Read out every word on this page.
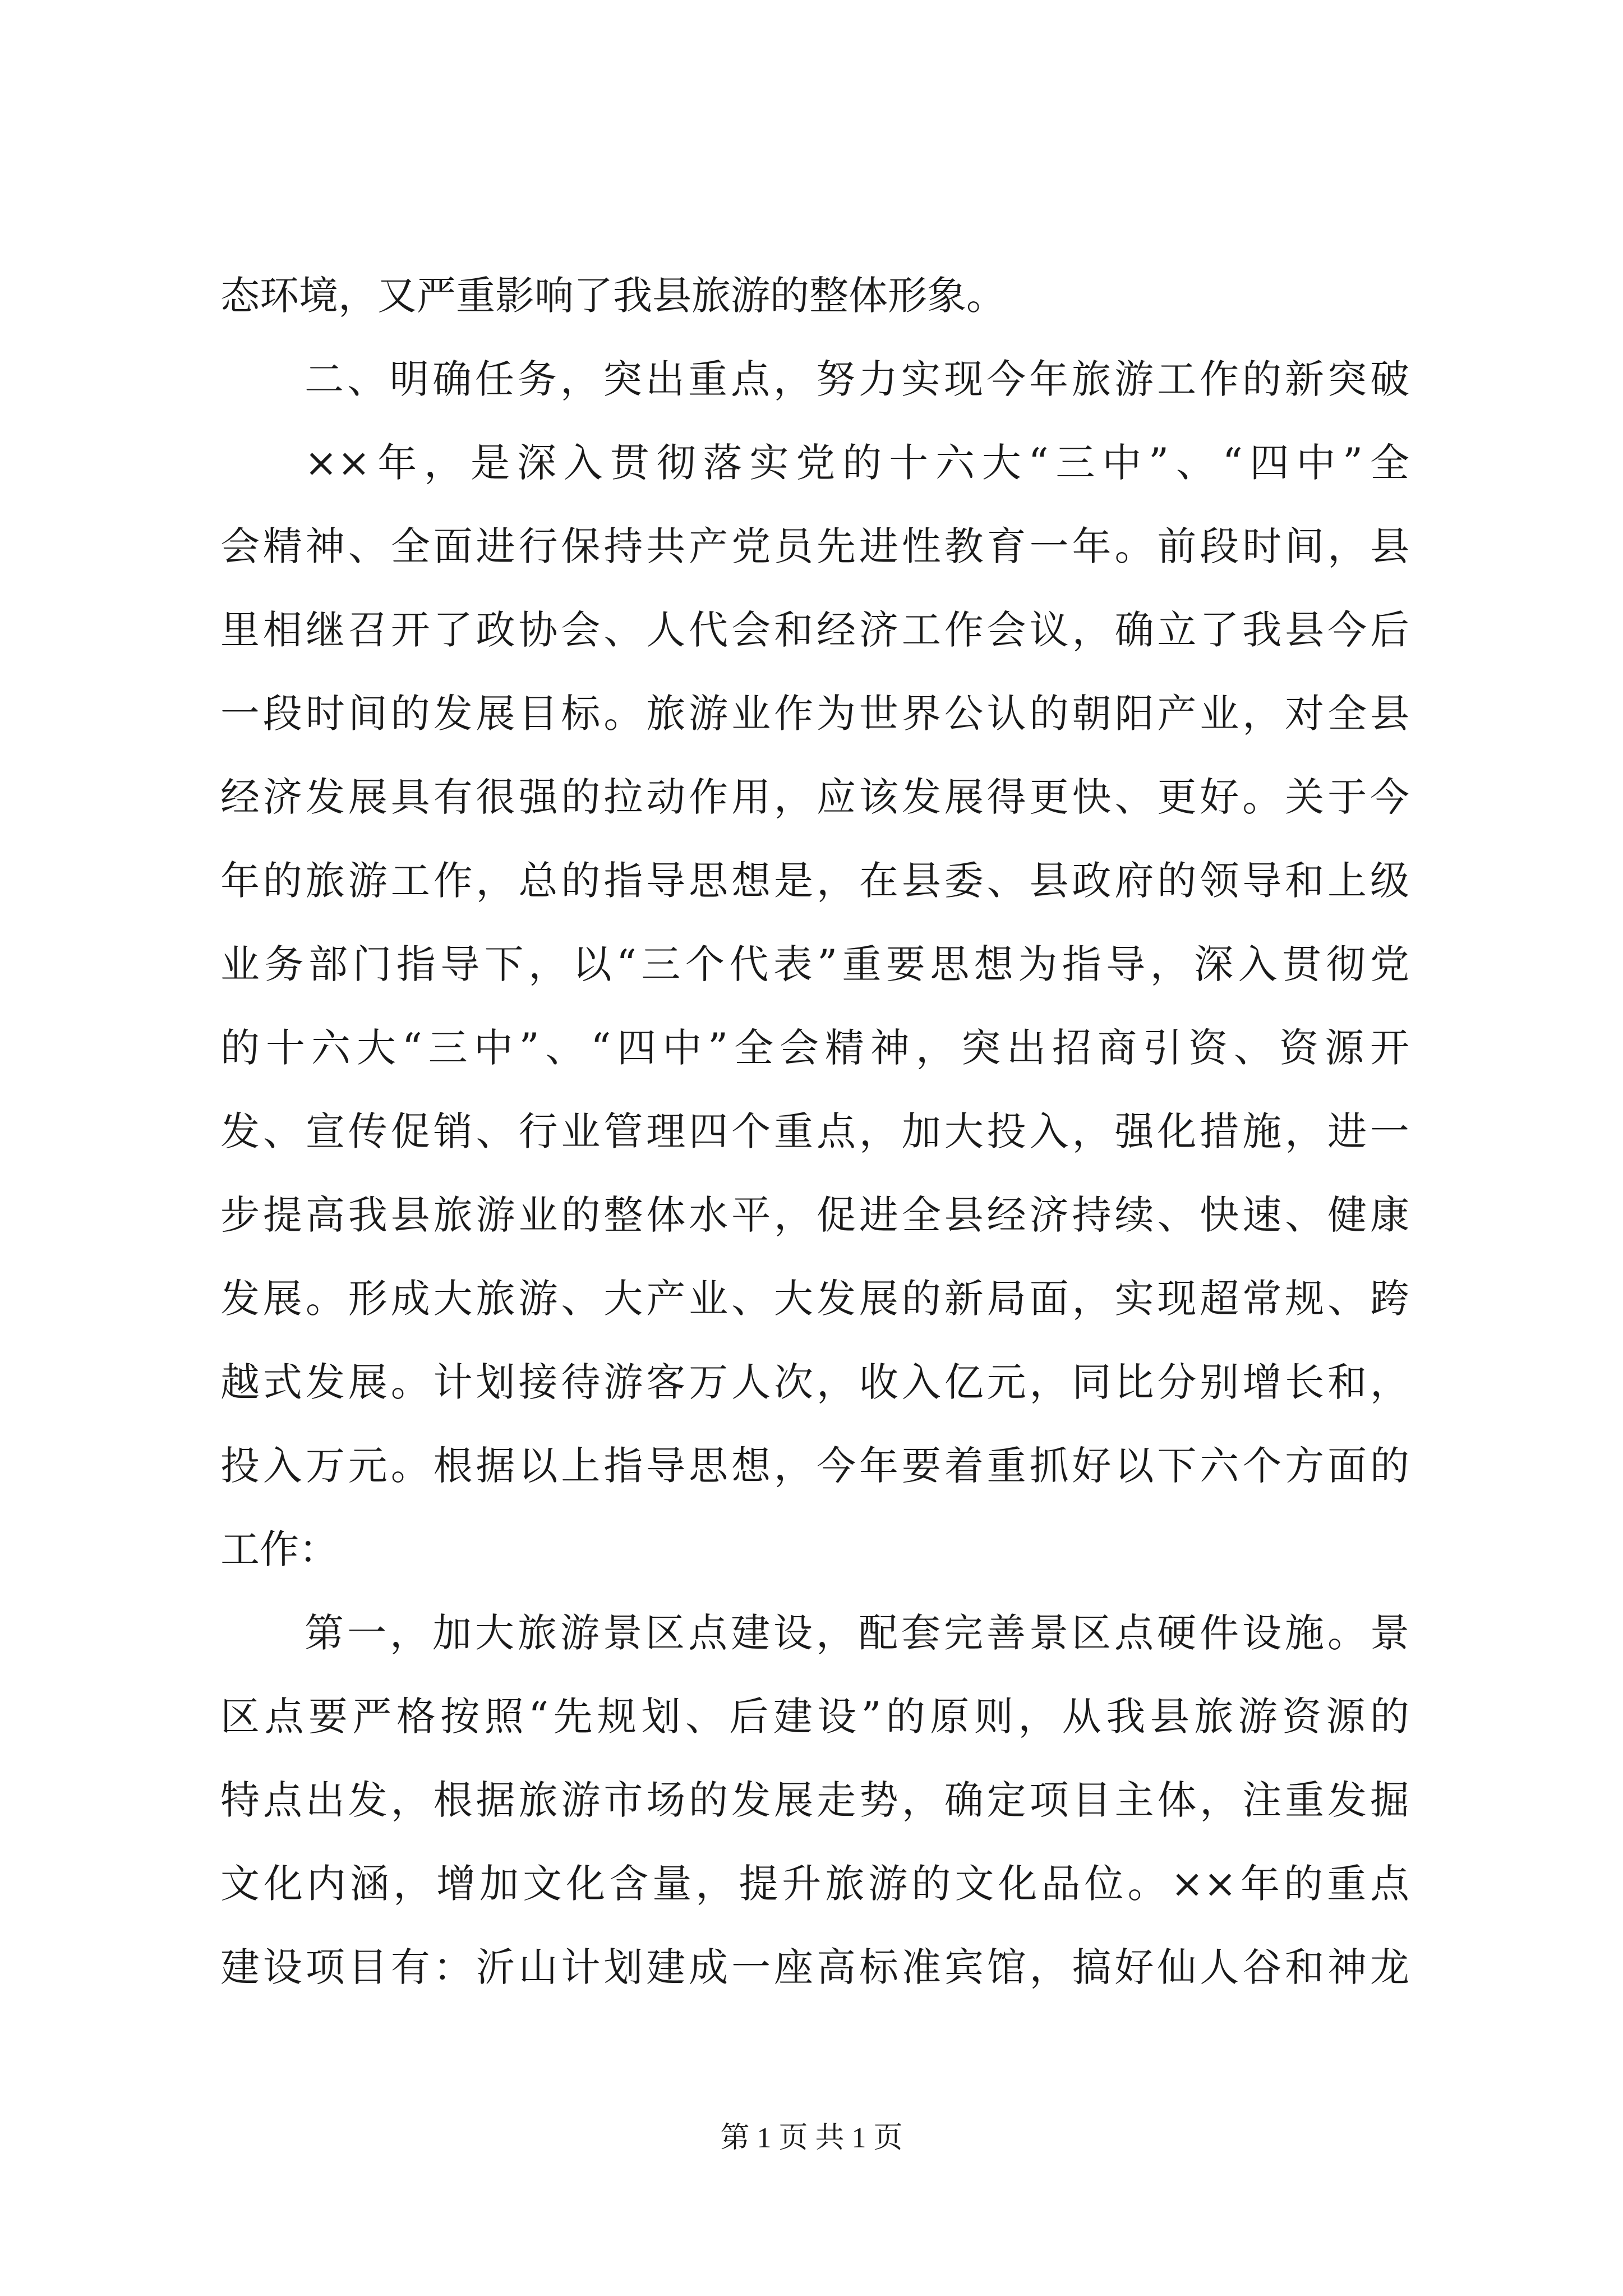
态环境，又严重影响了我县旅游的整体形象。
二、明确任务，突出重点，努力实现今年旅游工作的新突破
××年，是深入贯彻落实党的十六大“三中”、“四中”全
会精神、全面进行保持共产党员先进性教育一年。前段时间，县
里相继召开了政协会、人代会和经济工作会议，确立了我县今后
一段时间的发展目标。旅游业作为世界公认的朝阳产业，对全县
经济发展具有很强的拉动作用，应该发展得更快、更好。关于今
年的旅游工作，总的指导思想是，在县委、县政府的领导和上级
业务部门指导下，以“三个代表”重要思想为指导，深入贯彻党
的十六大“三中”、“四中”全会精神，突出招商引资、资源开
发、宣传促销、行业管理四个重点，加大投入，强化措施，进一
步提高我县旅游业的整体水平，促进全县经济持续、快速、健康
发展。形成大旅游、大产业、大发展的新局面，实现超常规、跨
越式发展。计划接待游客万人次，收入亿元，同比分别增长和，
投入万元。根据以上指导思想，今年要着重抓好以下六个方面的
工作：
第一，加大旅游景区点建设，配套完善景区点硬件设施。景
区点要严格按照“先规划、后建设”的原则，从我县旅游资源的
特点出发，根据旅游市场的发展走势，确定项目主体，注重发掘
文化内涵，增加文化含量，提升旅游的文化品位。××年的重点
建设项目有：沂山计划建成一座高标准宾馆，搞好仙人谷和神龙
第 1 页 共 1 页
